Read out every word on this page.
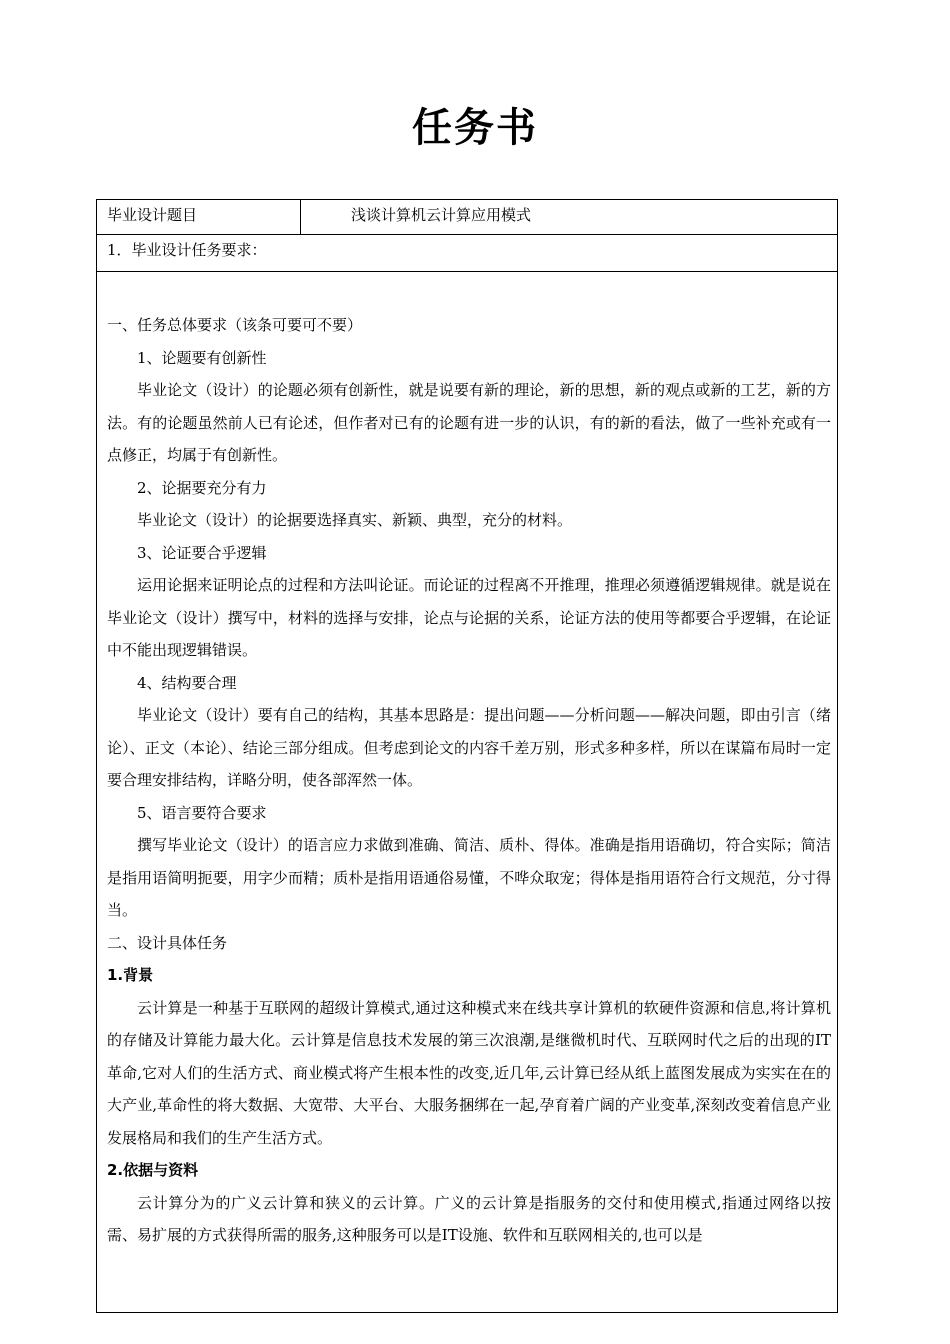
任务书
毕业设计题目	浅谈计算机云计算应用模式
1．毕业设计任务要求：

一、任务总体要求（该条可要可不要）

1、论题要有创新性

毕业论文（设计）的论题必须有创新性，就是说要有新的理论，新的思想，新的观点或新的工艺，新的方法。有的论题虽然前人已有论述，但作者对已有的论题有进一步的认识，有的新的看法，做了一些补充或有一点修正，均属于有创新性。

2、论据要充分有力

毕业论文（设计）的论据要选择真实、新颖、典型，充分的材料。

3、论证要合乎逻辑

运用论据来证明论点的过程和方法叫论证。而论证的过程离不开推理，推理必须遵循逻辑规律。就是说在毕业论文（设计）撰写中，材料的选择与安排，论点与论据的关系，论证方法的使用等都要合乎逻辑，在论证中不能出现逻辑错误。

4、结构要合理

毕业论文（设计）要有自己的结构，其基本思路是：提出问题——分析问题——解决问题，即由引言（绪论）、正文（本论）、结论三部分组成。但考虑到论文的内容千差万别，形式多种多样，所以在谋篇布局时一定要合理安排结构，详略分明，使各部浑然一体。

5、语言要符合要求

撰写毕业论文（设计）的语言应力求做到准确、简洁、质朴、得体。准确是指用语确切，符合实际；简洁是指用语简明扼要，用字少而精；质朴是指用语通俗易懂，不哗众取宠；得体是指用语符合行文规范，分寸得当。

二、设计具体任务

1.背景

云计算是一种基于互联网的超级计算模式,通过这种模式来在线共享计算机的软硬件资源和信息,将计算机的存储及计算能力最大化。云计算是信息技术发展的第三次浪潮,是继微机时代、互联网时代之后的出现的IT革命,它对人们的生活方式、商业模式将产生根本性的改变,近几年,云计算已经从纸上蓝图发展成为实实在在的大产业,革命性的将大数据、大宽带、大平台、大服务捆绑在一起,孕育着广阔的产业变革,深刻改变着信息产业发展格局和我们的生产生活方式。

2.依据与资料

云计算分为的广义云计算和狭义的云计算。广义的云计算是指服务的交付和使用模式,指通过网络以按需、易扩展的方式获得所需的服务,这种服务可以是IT设施、软件和互联网相关的,也可以是
